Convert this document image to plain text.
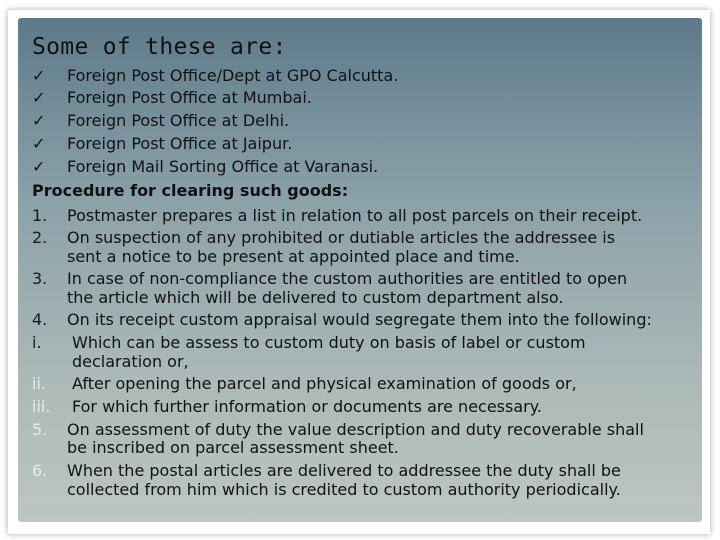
Some of these are:
✓ Foreign Post Office/Dept at GPO Calcutta.
✓ Foreign Post Office at Mumbai.
✓ Foreign Post Office at Delhi.
✓ Foreign Post Office at Jaipur.
✓ Foreign Mail Sorting Office at Varanasi.
Procedure for clearing such goods:
1. Postmaster prepares a list in relation to all post parcels on their receipt.
2. On suspection of any prohibited or dutiable articles the addressee is
sent a notice to be present at appointed place and time.
3. In case of non-compliance the custom authorities are entitled to open
the article which will be delivered to custom department also.
4. On its receipt custom appraisal would segregate them into the following:
i. Which can be assess to custom duty on basis of label or custom
declaration or,
ii. After opening the parcel and physical examination of goods or,
iii. For which further information or documents are necessary.
5. On assessment of duty the value description and duty recoverable shall
be inscribed on parcel assessment sheet.
6. When the postal articles are delivered to addressee the duty shall be
collected from him which is credited to custom authority periodically.
